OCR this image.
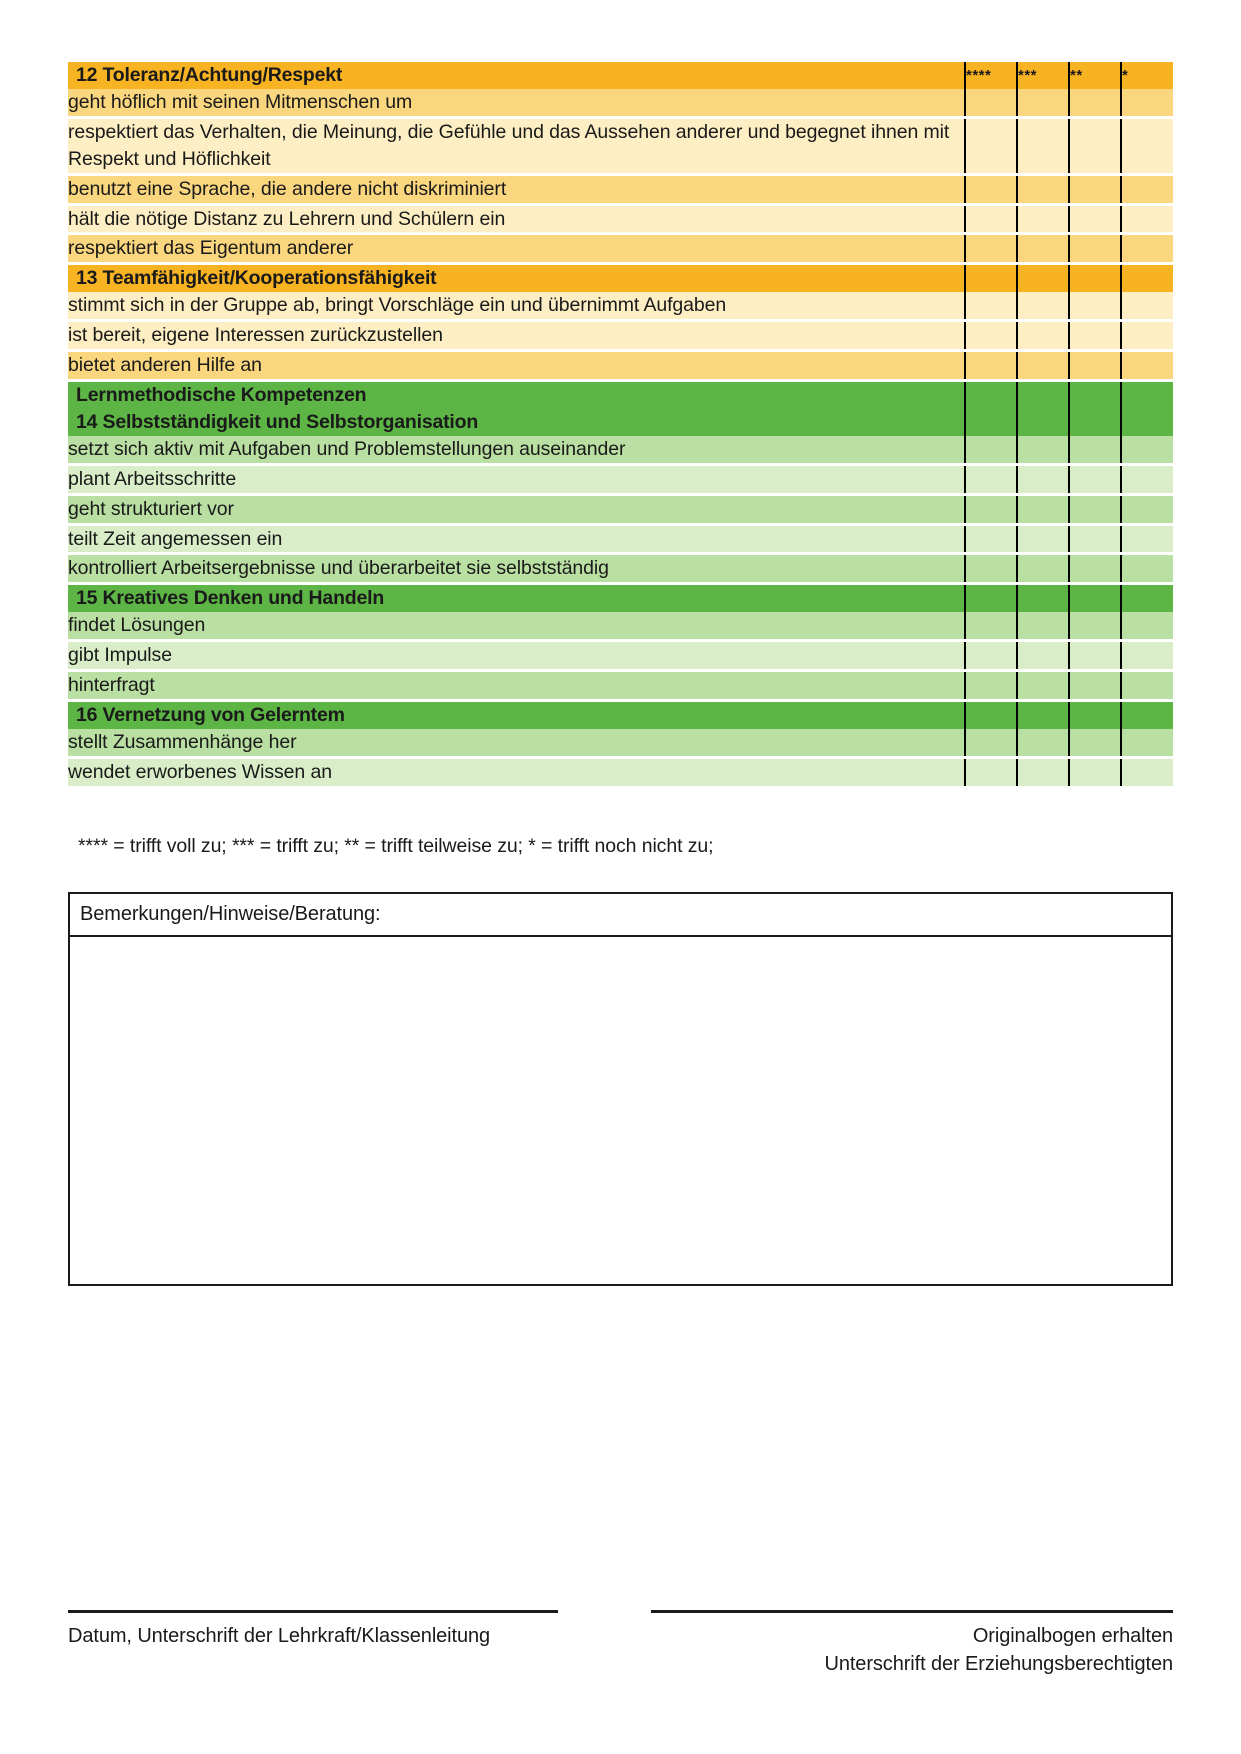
12 Toleranz/Achtung/Respekt	****	***	**	*
geht höflich mit seinen Mitmenschen um				

respektiert das Verhalten, die Meinung, die Gefühle und das Aussehen anderer und begegnet ihnen mit Respekt und Höflichkeit				

benutzt eine Sprache, die andere nicht diskriminiert				

hält die nötige Distanz zu Lehrern und Schülern ein				

respektiert das Eigentum anderer				

13 Teamfähigkeit/Kooperationsfähigkeit				
stimmt sich in der Gruppe ab, bringt Vorschläge ein und übernimmt Aufgaben				

ist bereit, eigene Interessen zurückzustellen				

bietet anderen Hilfe an				

Lernmethodische Kompetenzen				
14 Selbstständigkeit und Selbstorganisation				
setzt sich aktiv mit Aufgaben und Problemstellungen auseinander				

plant Arbeitsschritte				

geht strukturiert vor				

teilt Zeit angemessen ein				

kontrolliert Arbeitsergebnisse und überarbeitet sie selbstständig				

15 Kreatives Denken und Handeln				
findet Lösungen				

gibt Impulse				

hinterfragt				

16 Vernetzung von Gelerntem				
stellt Zusammenhänge her				

wendet erworbenes Wissen an				

**** = trifft voll zu; *** = trifft zu; ** = trifft teilweise zu; * = trifft noch nicht zu;
Bemerkungen/Hinweise/Beratung:
Datum, Unterschrift der Lehrkraft/Klassenleitung	Originalbogen erhalten
Unterschrift der Erziehungsberechtigten
